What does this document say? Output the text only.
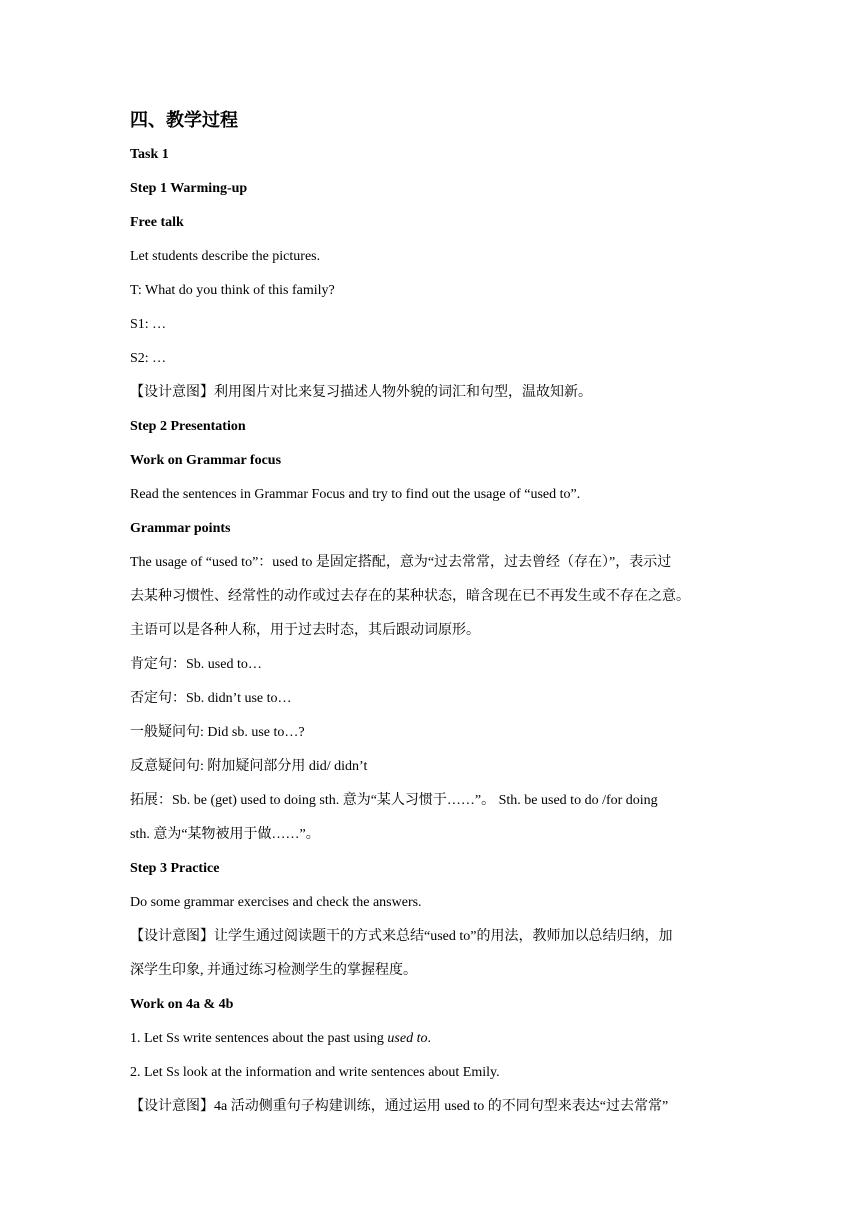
四、教学过程

Task 1

Step 1 Warming-up

Free talk

Let students describe the pictures.

T: What do you think of this family?

S1: …

S2: …

【设计意图】利用图片对比来复习描述人物外貌的词汇和句型，温故知新。

Step 2 Presentation

Work on Grammar focus

Read the sentences in Grammar Focus and try to find out the usage of “used to”.

Grammar points

The usage of “used to”：used to 是固定搭配，意为“过去常常，过去曾经（存在）”，表示过
去某种习惯性、经常性的动作或过去存在的某种状态，暗含现在已不再发生或不存在之意。
主语可以是各种人称，用于过去时态，其后跟动词原形。

肯定句：Sb. used to…

否定句：Sb. didn’t use to…

一般疑问句: Did sb. use to…?

反意疑问句: 附加疑问部分用 did/ didn’t

拓展：Sb. be (get) used to doing sth. 意为“某人习惯于……”。 Sth. be used to do /for doing
sth. 意为“某物被用于做……”。

Step 3 Practice

Do some grammar exercises and check the answers.

【设计意图】让学生通过阅读题干的方式来总结“used to”的用法，教师加以总结归纳，加
深学生印象, 并通过练习检测学生的掌握程度。

Work on 4a & 4b

1. Let Ss write sentences about the past using used to.

2. Let Ss look at the information and write sentences about Emily.

【设计意图】4a 活动侧重句子构建训练，通过运用 used to 的不同句型来表达“过去常常”
